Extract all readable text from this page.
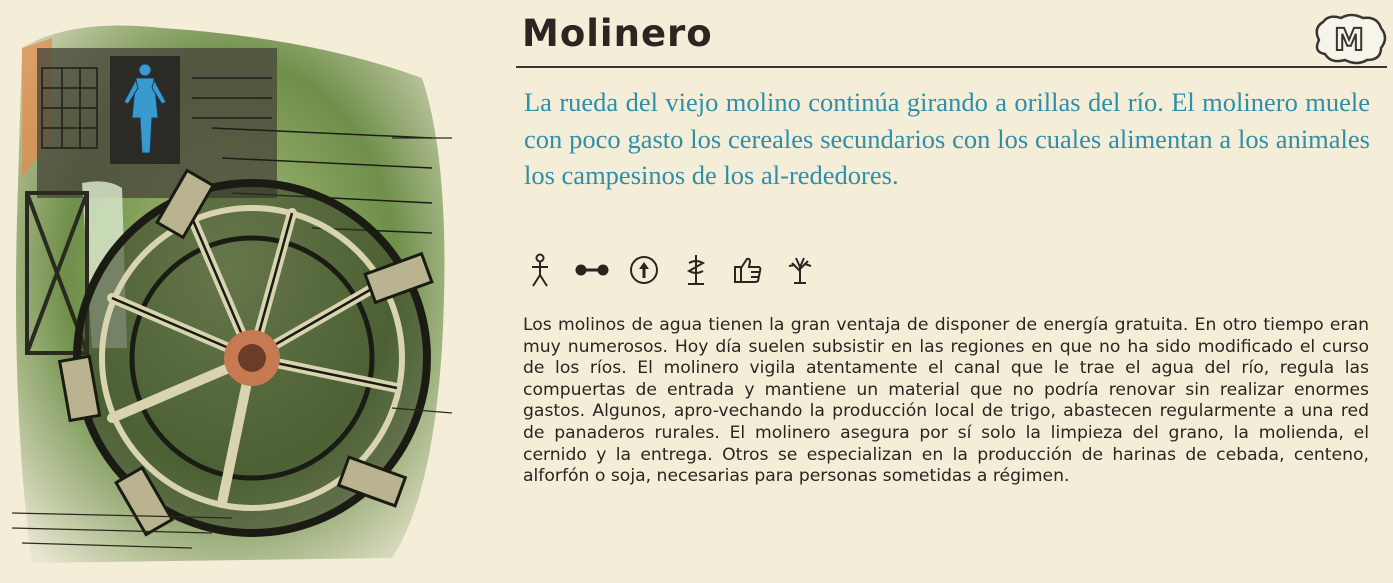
Molinero	M
La rueda del viejo molino continúa girando a orillas del río. El molinero muele con poco gasto los cereales secundarios con los cuales alimentan a los animales los campesinos de los al-rededores.
Los molinos de agua tienen la gran ventaja de disponer de energía gratuita. En otro tiempo eran muy numerosos. Hoy día suelen subsistir en las regiones en que no ha sido modificado el curso de los ríos. El molinero vigila atentamente el canal que le trae el agua del río, regula las compuertas de entrada y mantiene un material que no podría renovar sin realizar enormes gastos. Algunos, apro-vechando la producción local de trigo, abastecen regularmente a una red de panaderos rurales. El molinero asegura por sí solo la limpieza del grano, la molienda, el cernido y la entrega. Otros se especializan en la producción de harinas de cebada, centeno, alforfón o soja, necesarias para personas sometidas a régimen.
